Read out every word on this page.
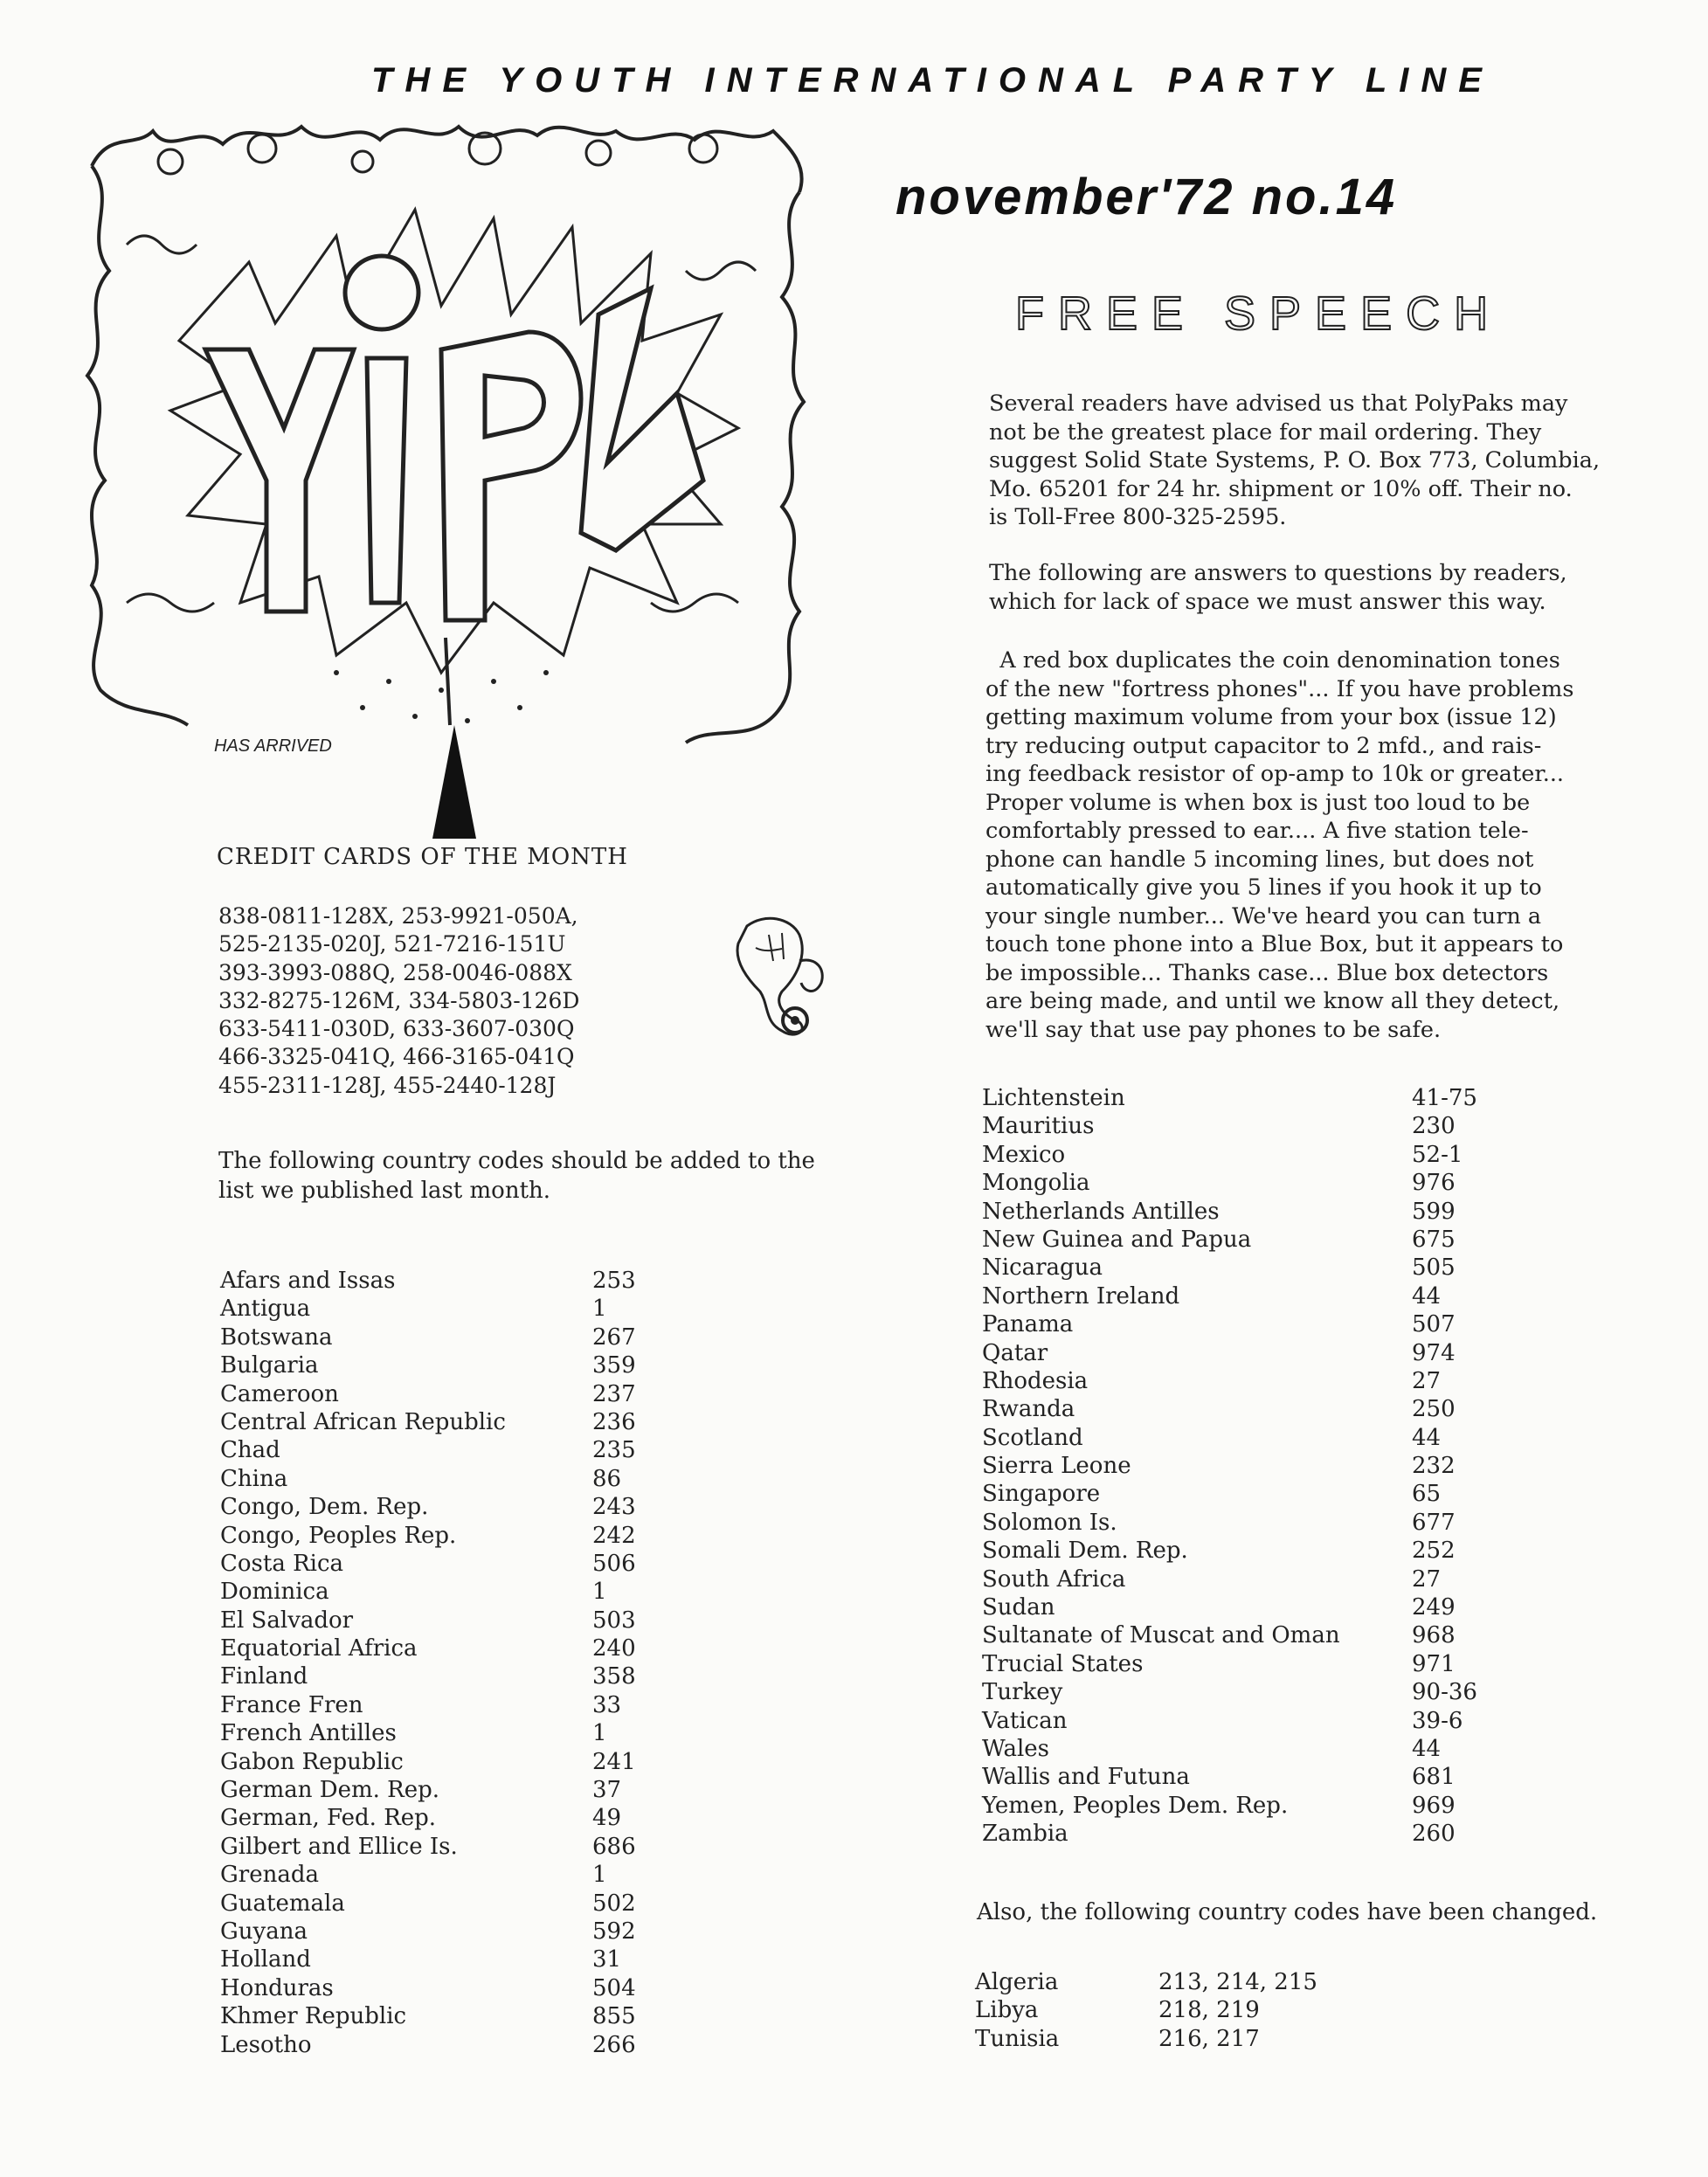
THE YOUTH INTERNATIONAL PARTY LINE
HAS ARRIVED
november'72 no.14
FREE SPEECH

Several readers have advised us that PolyPaks may

not be the greatest place for mail ordering. They

suggest Solid State Systems, P. O. Box 773, Columbia,

Mo. 65201 for 24 hr. shipment or 10% off. Their no.

is Toll-Free 800-325-2595.

The following are answers to questions by readers,

which for lack of space we must answer this way.

A red box duplicates the coin denomination tones

of the new "fortress phones"... If you have problems

getting maximum volume from your box (issue 12)

try reducing output capacitor to 2 mfd., and rais-

ing feedback resistor of op-amp to 10k or greater...

Proper volume is when box is just too loud to be

comfortably pressed to ear.... A five station tele-

phone can handle 5 incoming lines, but does not

automatically give you 5 lines if you hook it up to

your single number... We've heard you can turn a

touch tone phone into a Blue Box, but it appears to

be impossible... Thanks case... Blue box detectors

are being made, and until we know all they detect,

we'll say that use pay phones to be safe.

CREDIT CARDS OF THE MONTH
838-0811-128X, 253-9921-050A,
525-2135-020J, 521-7216-151U
393-3993-088Q, 258-0046-088X
332-8275-126M, 334-5803-126D
633-5411-030D, 633-3607-030Q
466-3325-041Q, 466-3165-041Q
455-2311-128J, 455-2440-128J

The following country codes should be added to the

list we published last month.

Afars and Issas	253
Antigua	1
Botswana	267
Bulgaria	359
Cameroon	237
Central African Republic	236
Chad	235
China	86
Congo, Dem. Rep.	243
Congo, Peoples Rep.	242
Costa Rica	506
Dominica	1
El Salvador	503
Equatorial Africa	240
Finland	358
France Fren	33
French Antilles	1
Gabon Republic	241
German Dem. Rep.	37
German, Fed. Rep.	49
Gilbert and Ellice Is.	686
Grenada	1
Guatemala	502
Guyana	592
Holland	31
Honduras	504
Khmer Republic	855
Lesotho	266
Lichtenstein	41-75
Mauritius	230
Mexico	52-1
Mongolia	976
Netherlands Antilles	599
New Guinea and Papua	675
Nicaragua	505
Northern Ireland	44
Panama	507
Qatar	974
Rhodesia	27
Rwanda	250
Scotland	44
Sierra Leone	232
Singapore	65
Solomon Is.	677
Somali Dem. Rep.	252
South Africa	27
Sudan	249
Sultanate of Muscat and Oman	968
Trucial States	971
Turkey	90-36
Vatican	39-6
Wales	44
Wallis and Futuna	681
Yemen, Peoples Dem. Rep.	969
Zambia	260
Also, the following country codes have been changed.
Algeria	213, 214, 215
Libya	218, 219
Tunisia	216, 217
